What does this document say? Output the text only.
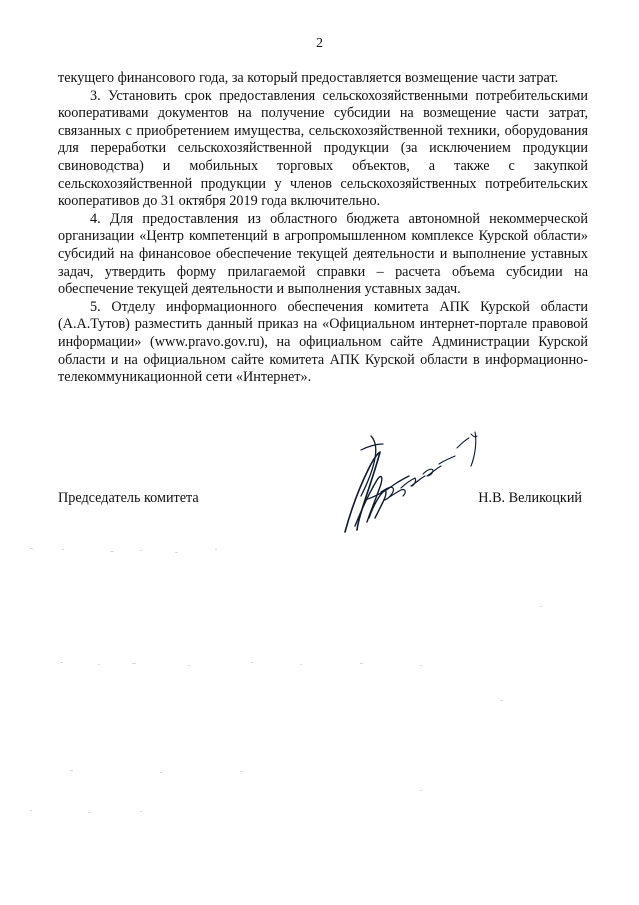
2

текущего финансового года, за который предоставляется возмещение части затрат.

3. Установить срок предоставления сельскохозяйственными потребительскими кооперативами документов на получение субсидии на возмещение части затрат, связанных с приобретением имущества, сельскохозяйственной техники, оборудования для переработки сельскохозяйственной продукции (за исключением продукции свиноводства) и мобильных торговых объектов, а также с закупкой сельскохозяйственной продукции у членов сельскохозяйственных потребительских кооперативов до 31 октября 2019 года включительно.

4. Для предоставления из областного бюджета автономной некоммерческой организации «Центр компетенций в агропромышленном комплексе Курской области» субсидий на финансовое обеспечение текущей деятельности и выполнение уставных задач, утвердить форму прилагаемой справки – расчета объема субсидии на обеспечение текущей деятельности и выполнения уставных задач.

5. Отделу информационного обеспечения комитета АПК Курской области (А.А.Тутов) разместить данный приказ на «Официальном интернет-портале правовой информации» (www.pravo.gov.ru), на официальном сайте Администрации Курской области и на официальном сайте комитета АПК Курской области в информационно-телекоммуникационной сети «Интернет».

Председатель комитета	Н.В. Великоцкий
